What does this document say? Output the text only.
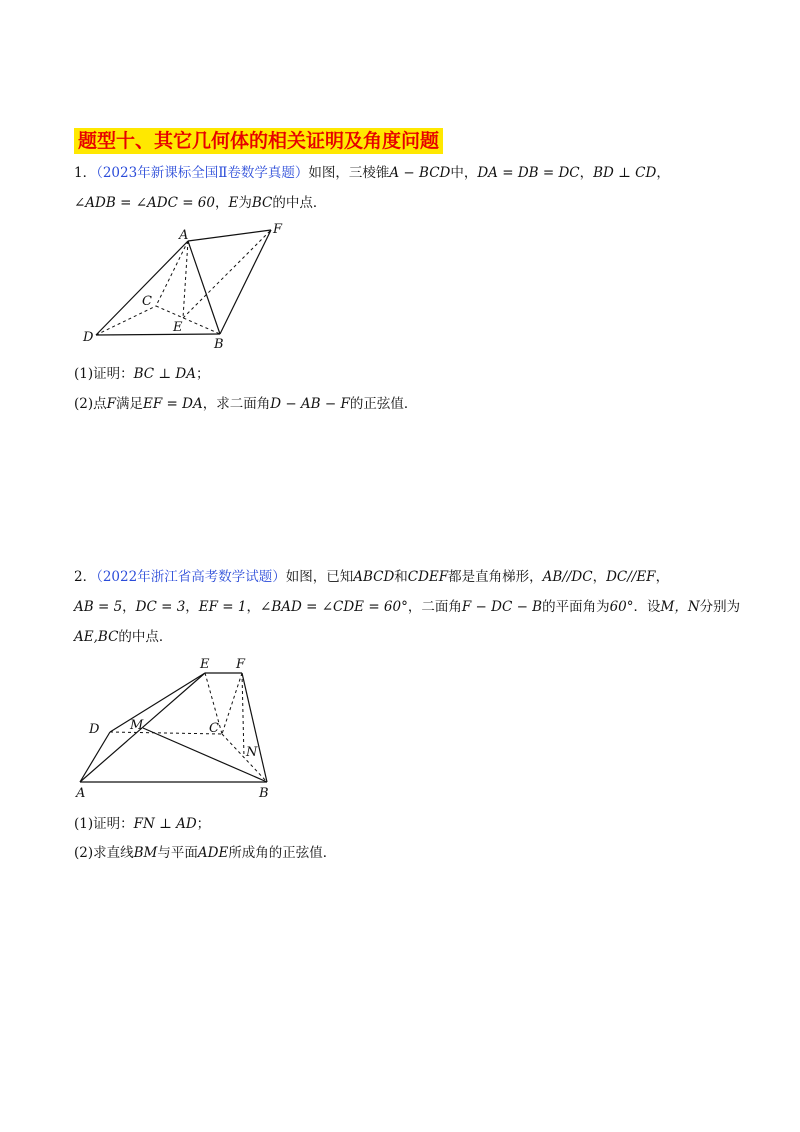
题型十、其它几何体的相关证明及角度问题
1．（2023年新课标全国Ⅱ卷数学真题）如图，三棱锥A − BCD中，DA = DB = DC，BD ⊥ CD，
∠ADB = ∠ADC = 60，E为BC的中点．
A	F
C
E
D	B
(1)证明：BC ⊥ DA；
(2)点F满足EF = DA，求二面角D − AB − F的正弦值．
2．（2022年浙江省高考数学试题）如图，已知ABCD和CDEF都是直角梯形，AB//DC，DC//EF，
AB = 5，DC = 3，EF = 1，∠BAD = ∠CDE = 60°，二面角F − DC − B的平面角为60°．设M，N分别为
AE,BC的中点．
E F
D M	C
N
A	B
(1)证明：FN ⊥ AD；
(2)求直线BM与平面ADE所成角的正弦值．
